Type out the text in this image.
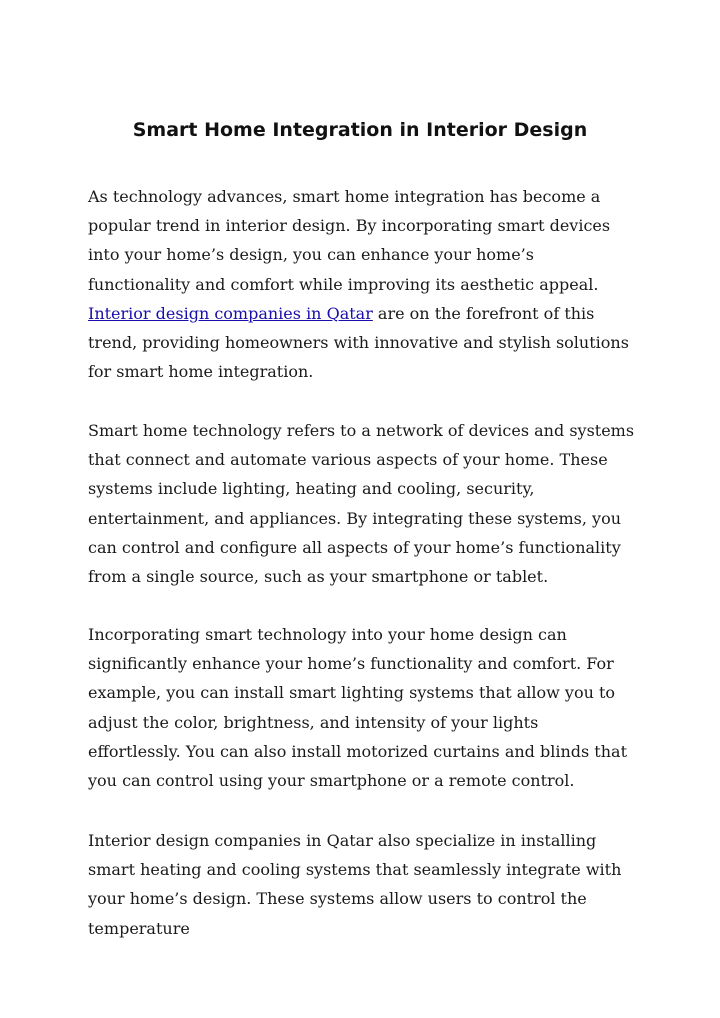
Smart Home Integration in Interior Design

As technology advances, smart home integration has become a popular trend in interior design. By incorporating smart devices into your home’s design, you can enhance your home’s functionality and comfort while improving its aesthetic appeal. Interior design companies in Qatar are on the forefront of this trend, providing homeowners with innovative and stylish solutions for smart home integration.

Smart home technology refers to a network of devices and systems that connect and automate various aspects of your home. These systems include lighting, heating and cooling, security, entertainment, and appliances. By integrating these systems, you can control and configure all aspects of your home’s functionality from a single source, such as your smartphone or tablet.

Incorporating smart technology into your home design can significantly enhance your home’s functionality and comfort. For example, you can install smart lighting systems that allow you to adjust the color, brightness, and intensity of your lights effortlessly. You can also install motorized curtains and blinds that you can control using your smartphone or a remote control.

Interior design companies in Qatar also specialize in installing smart heating and cooling systems that seamlessly integrate with your home’s design. These systems allow users to control the temperature
